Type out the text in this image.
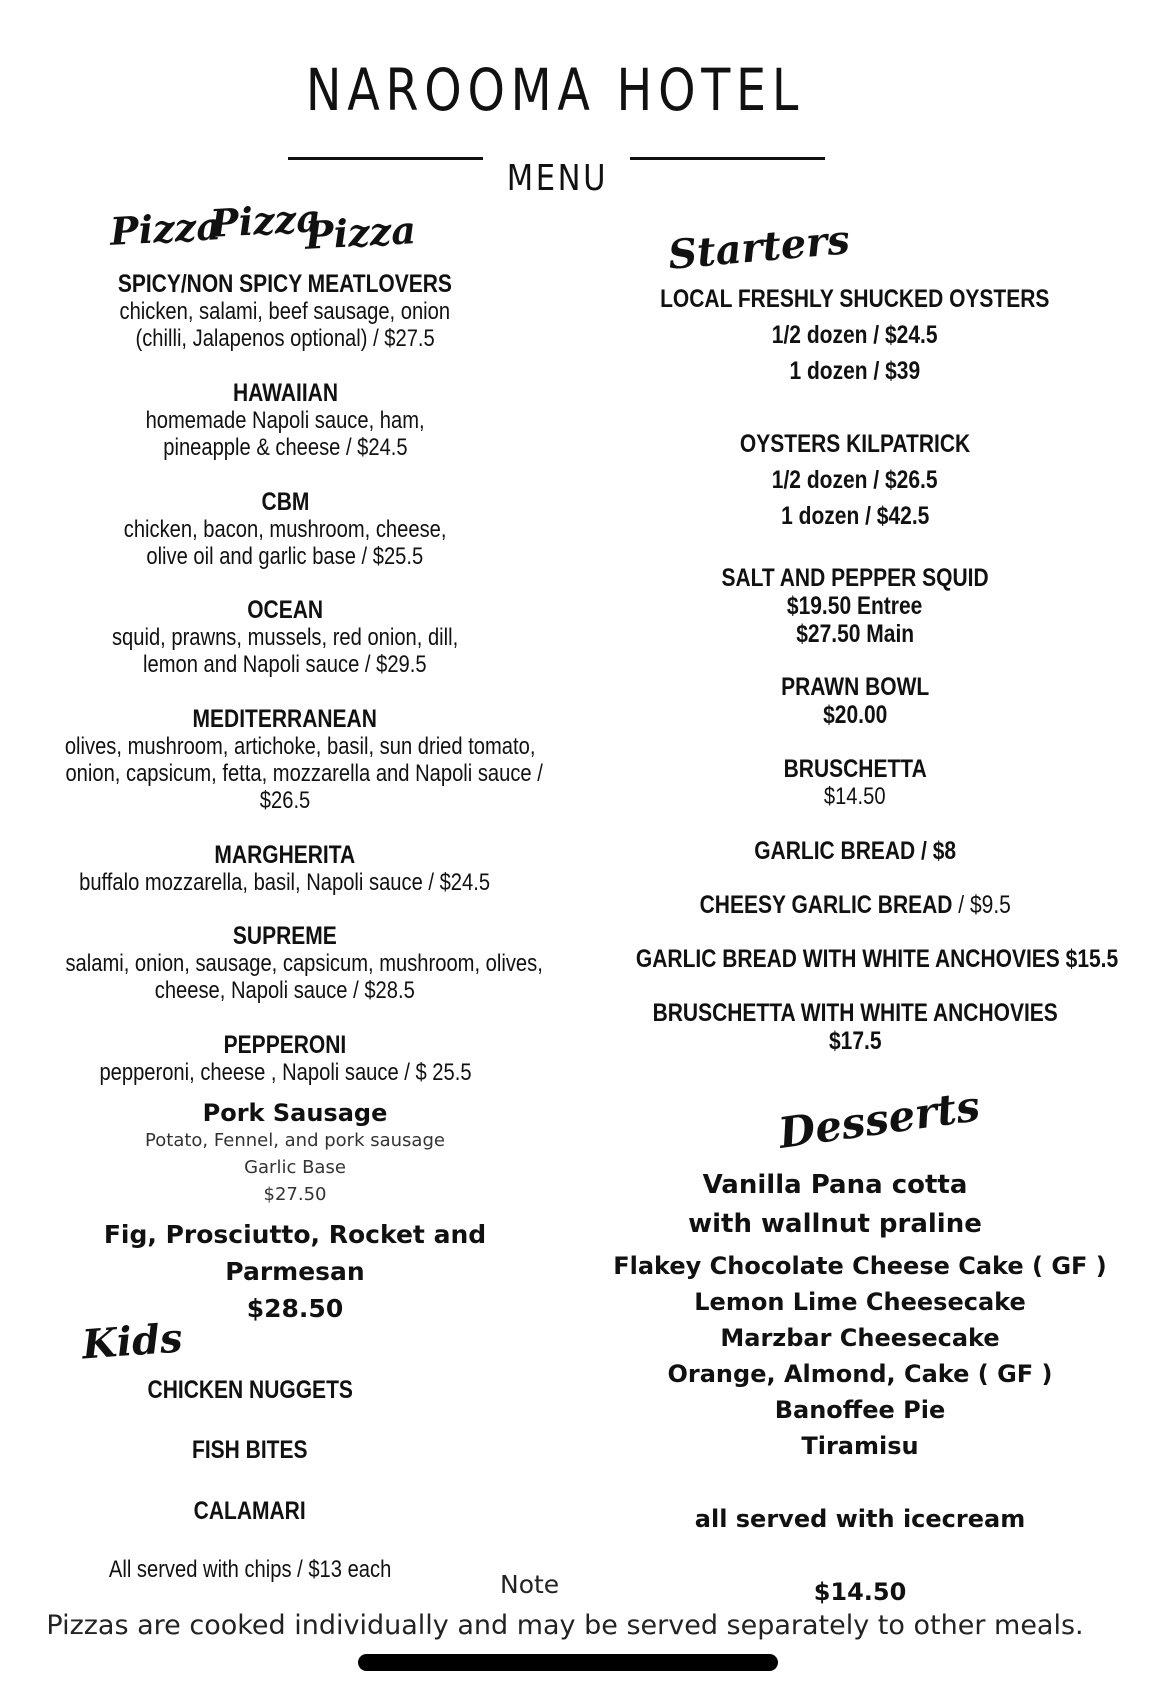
NAROOMA HOTEL
MENU
Pizza
Pizza
Pizza
SPICY/NON SPICY MEATLOVERS
chicken, salami, beef sausage, onion
(chilli, Jalapenos optional) / $27.5
HAWAIIAN
homemade Napoli sauce, ham,
pineapple & cheese / $24.5
CBM
chicken, bacon, mushroom, cheese,
olive oil and garlic base / $25.5
OCEAN
squid, prawns, mussels, red onion, dill,
lemon and Napoli sauce / $29.5
MEDITERRANEAN
olives, mushroom, artichoke, basil, sun dried tomato,
onion, capsicum, fetta, mozzarella and Napoli sauce /
$26.5
MARGHERITA
buffalo mozzarella, basil, Napoli sauce / $24.5
SUPREME
salami, onion, sausage, capsicum, mushroom, olives,
cheese, Napoli sauce / $28.5
PEPPERONI
pepperoni, cheese , Napoli sauce / $ 25.5
Pork Sausage
Potato, Fennel, and pork sausage
Garlic Base
$27.50
Fig, Prosciutto, Rocket and Parmesan
$28.50
Kids
CHICKEN NUGGETS
FISH BITES
CALAMARI
All served with chips / $13 each
Starters
LOCAL FRESHLY SHUCKED OYSTERS
1/2 dozen / $24.5
1 dozen / $39
OYSTERS KILPATRICK
1/2 dozen / $26.5
1 dozen / $42.5
SALT AND PEPPER SQUID
$19.50 Entree
$27.50 Main
PRAWN BOWL
$20.00
BRUSCHETTA
$14.50
GARLIC BREAD / $8
CHEESY GARLIC BREAD / $9.5
GARLIC BREAD WITH WHITE ANCHOVIES $15.5
BRUSCHETTA WITH WHITE ANCHOVIES
$17.5
Desserts
Vanilla Pana cotta
with wallnut praline
Flakey Chocolate Cheese Cake ( GF )
Lemon Lime Cheesecake
Marzbar Cheesecake
Orange, Almond, Cake ( GF )
Banoffee Pie
Tiramisu
all served with icecream
$14.50
Note
Pizzas are cooked individually and may be served separately to other meals.
